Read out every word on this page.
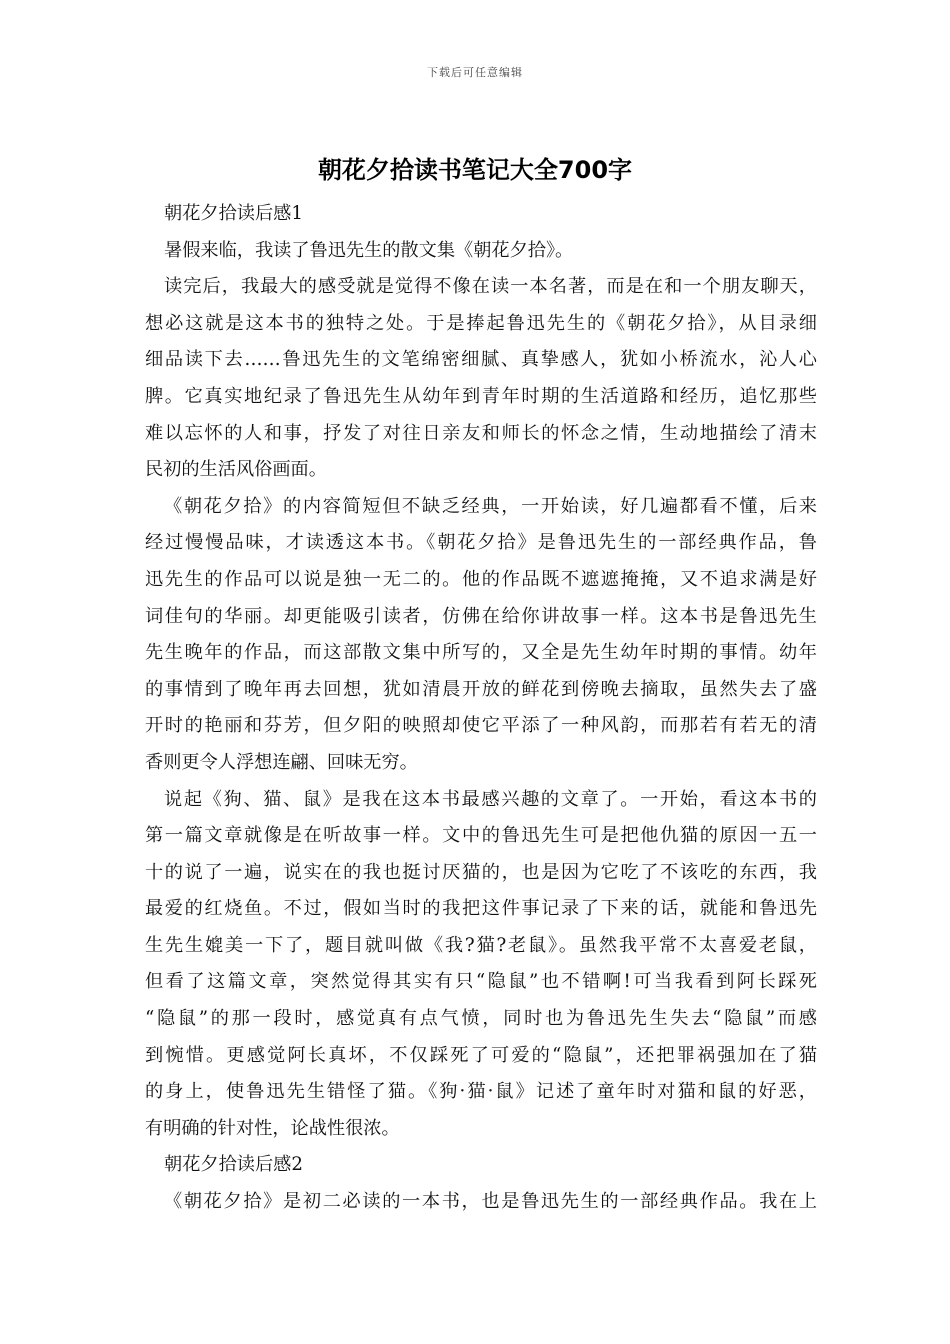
下载后可任意编辑
朝花夕拾读书笔记大全700字
朝花夕拾读后感1
暑假来临，我读了鲁迅先生的散文集《朝花夕拾》。
读完后，我最大的感受就是觉得不像在读一本名著，而是在和一个朋友聊天，
想必这就是这本书的独特之处。于是捧起鲁迅先生的《朝花夕拾》，从目录细
细品读下去……鲁迅先生的文笔绵密细腻、真挚感人，犹如小桥流水，沁人心
脾。它真实地纪录了鲁迅先生从幼年到青年时期的生活道路和经历，追忆那些
难以忘怀的人和事，抒发了对往日亲友和师长的怀念之情，生动地描绘了清末
民初的生活风俗画面。
《朝花夕拾》的内容简短但不缺乏经典，一开始读，好几遍都看不懂，后来
经过慢慢品味，才读透这本书。《朝花夕拾》是鲁迅先生的一部经典作品，鲁
迅先生的作品可以说是独一无二的。他的作品既不遮遮掩掩，又不追求满是好
词佳句的华丽。却更能吸引读者，仿佛在给你讲故事一样。这本书是鲁迅先生
先生晚年的作品，而这部散文集中所写的，又全是先生幼年时期的事情。幼年
的事情到了晚年再去回想，犹如清晨开放的鲜花到傍晚去摘取，虽然失去了盛
开时的艳丽和芬芳，但夕阳的映照却使它平添了一种风韵，而那若有若无的清
香则更令人浮想连翩、回味无穷。
说起《狗、猫、鼠》是我在这本书最感兴趣的文章了。一开始，看这本书的
第一篇文章就像是在听故事一样。文中的鲁迅先生可是把他仇猫的原因一五一
十的说了一遍，说实在的我也挺讨厌猫的，也是因为它吃了不该吃的东西，我
最爱的红烧鱼。不过，假如当时的我把这件事记录了下来的话，就能和鲁迅先
生先生媲美一下了，题目就叫做《我?猫?老鼠》。虽然我平常不太喜爱老鼠，
但看了这篇文章，突然觉得其实有只“隐鼠”也不错啊!可当我看到阿长踩死
“隐鼠”的那一段时，感觉真有点气愤，同时也为鲁迅先生失去“隐鼠”而感
到惋惜。更感觉阿长真坏，不仅踩死了可爱的“隐鼠”，还把罪祸强加在了猫
的身上，使鲁迅先生错怪了猫。《狗·猫·鼠》记述了童年时对猫和鼠的好恶，
有明确的针对性，论战性很浓。
朝花夕拾读后感2
《朝花夕拾》是初二必读的一本书，也是鲁迅先生的一部经典作品。我在上
